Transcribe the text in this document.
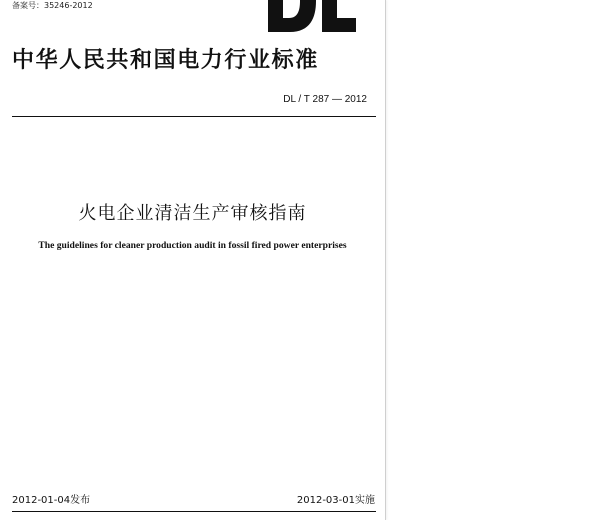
备案号：35246-2012
中华人民共和国电力行业标准
DL / T 287 — 2012
火电企业清洁生产审核指南
The guidelines for cleaner production audit in fossil fired power enterprises
2012-01-04发布	2012-03-01实施
